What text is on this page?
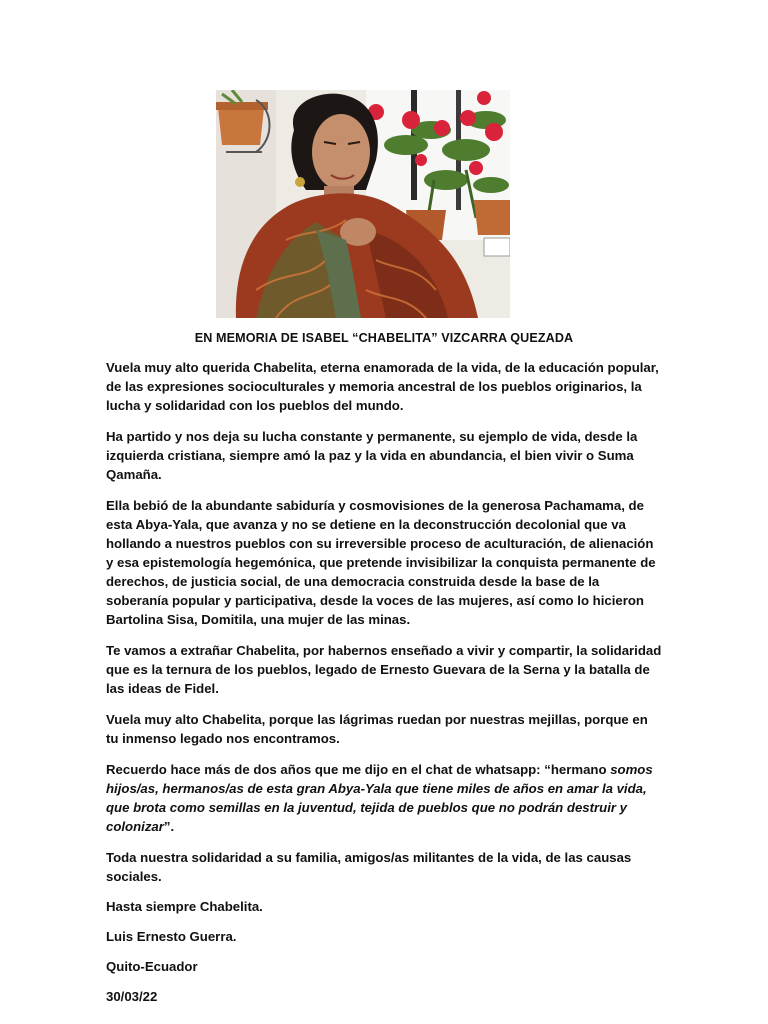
EN MEMORIA DE ISABEL “CHABELITA” VIZCARRA QUEZADA

Vuela muy alto querida Chabelita, eterna enamorada de la vida, de la educación popular, de las expresiones socioculturales y memoria ancestral de los pueblos originarios, la lucha y solidaridad con los pueblos del mundo.

Ha partido y nos deja su lucha constante y permanente, su ejemplo de vida, desde la izquierda cristiana, siempre amó la paz y la vida en abundancia, el bien vivir o Suma Qamaña.

Ella bebió de la abundante sabiduría y cosmovisiones de la generosa Pachamama, de esta Abya-Yala, que avanza y no se detiene en la deconstrucción decolonial que va hollando a nuestros pueblos con su irreversible proceso de aculturación, de alienación y esa epistemología hegemónica, que pretende invisibilizar la conquista permanente de derechos, de justicia social, de una democracia construida desde la base de la soberanía popular y participativa, desde la voces de las mujeres, así como lo hicieron Bartolina Sisa, Domitila, una mujer de las minas.

Te vamos a extrañar Chabelita, por habernos enseñado a vivir y compartir, la solidaridad que es la ternura de los pueblos, legado de Ernesto Guevara de la Serna y la batalla de las ideas de Fidel.

Vuela muy alto Chabelita, porque las lágrimas ruedan por nuestras mejillas, porque en tu inmenso legado nos encontramos.

Recuerdo hace más de dos años que me dijo en el chat de whatsapp: “hermano somos hijos/as, hermanos/as de esta gran Abya-Yala que tiene miles de años en amar la vida, que brota como semillas en la juventud, tejida de pueblos que no podrán destruir y colonizar”.

Toda nuestra solidaridad a su familia, amigos/as militantes de la vida, de las causas sociales.

Hasta siempre Chabelita.

Luis Ernesto Guerra.

Quito-Ecuador

30/03/22
